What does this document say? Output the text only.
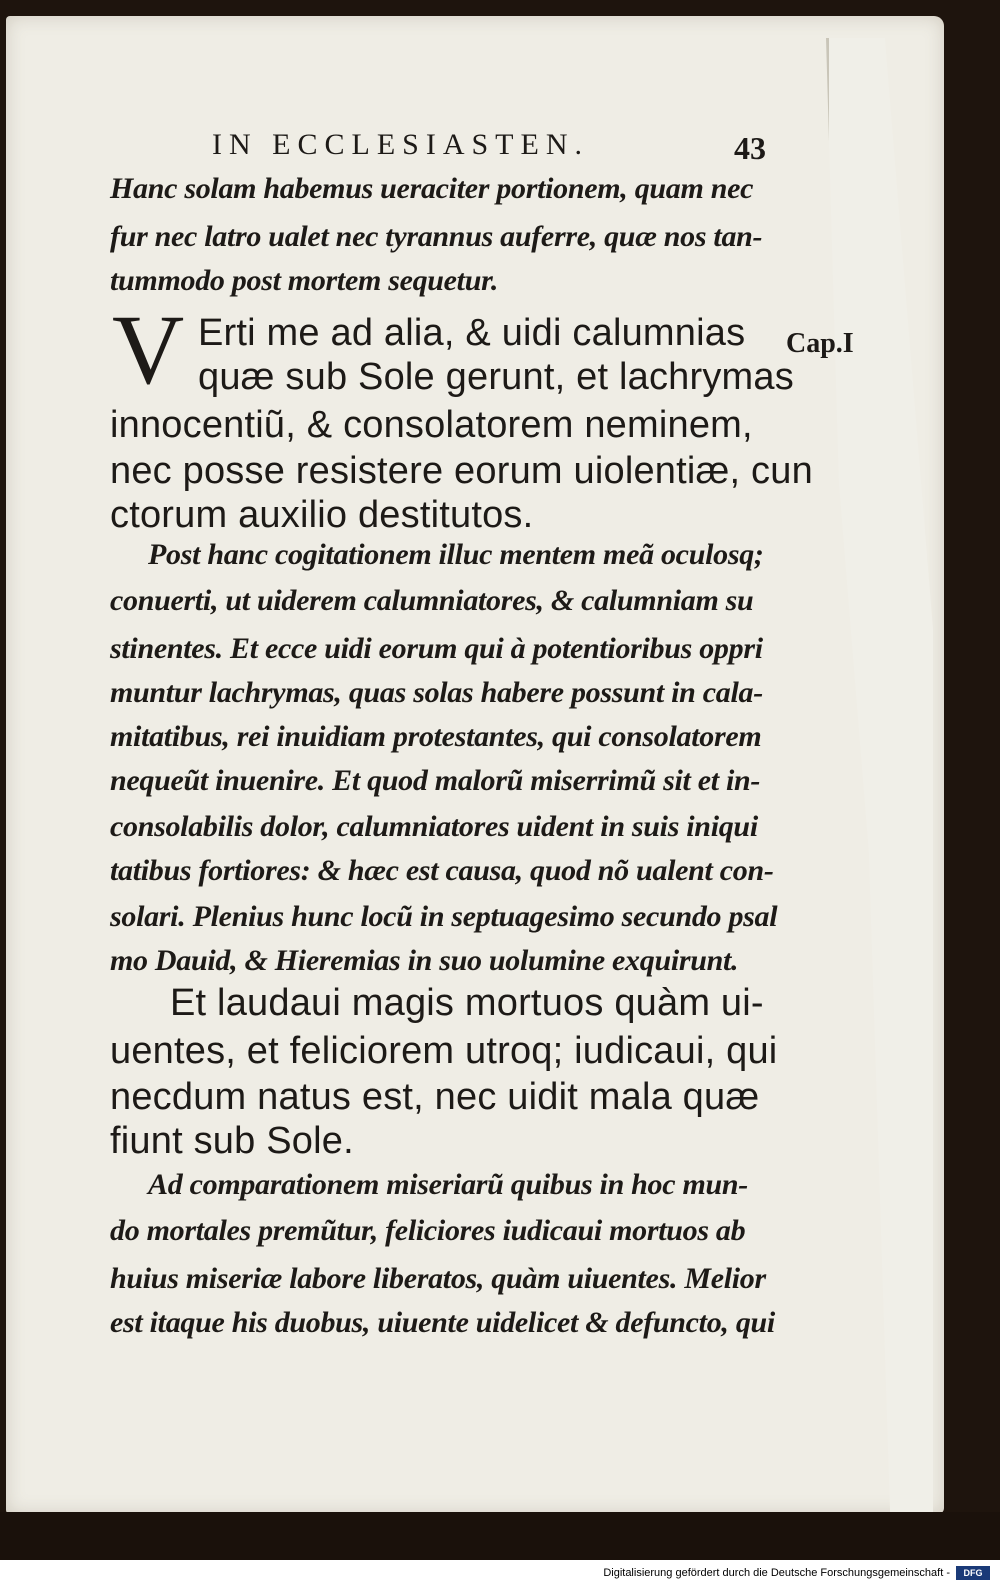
IN ECCLESIASTEN.	43

V	Cap.I

Hanc solam habemus ueraciter portionem, quam nec

fur nec latro ualet nec tyrannus auferre, quæ nos tan-

tummodo post mortem sequetur.

Erti me ad alia, & uidi calumnias

quæ sub Sole gerunt, et lachrymas

innocentiũ, & consolatorem neminem,

nec posse resistere eorum uiolentiæ, cun

ctorum auxilio destitutos.

Post hanc cogitationem illuc mentem meã oculosq;

conuerti, ut uiderem calumniatores, & calumniam su

stinentes. Et ecce uidi eorum qui à potentioribus oppri

muntur lachrymas, quas solas habere possunt in cala-

mitatibus, rei inuidiam protestantes, qui consolatorem

nequeũt inuenire. Et quod malorũ miserrimũ sit et in-

consolabilis dolor, calumniatores uident in suis iniqui

tatibus fortiores: & hæc est causa, quod nõ ualent con-

solari. Plenius hunc locũ in septuagesimo secundo psal

mo Dauid, & Hieremias in suo uolumine exquirunt.

Et laudaui magis mortuos quàm ui-

uentes, et feliciorem utroq; iudicaui, qui

necdum natus est, nec uidit mala quæ

fiunt sub Sole.

Ad comparationem miseriarũ quibus in hoc mun-

do mortales premũtur, feliciores iudicaui mortuos ab

huius miseriæ labore liberatos, quàm uiuentes. Melior

est itaque his duobus, uiuente uidelicet & defuncto, qui

Digitalisierung gefördert durch die Deutsche Forschungsgemeinschaft -	DFG
